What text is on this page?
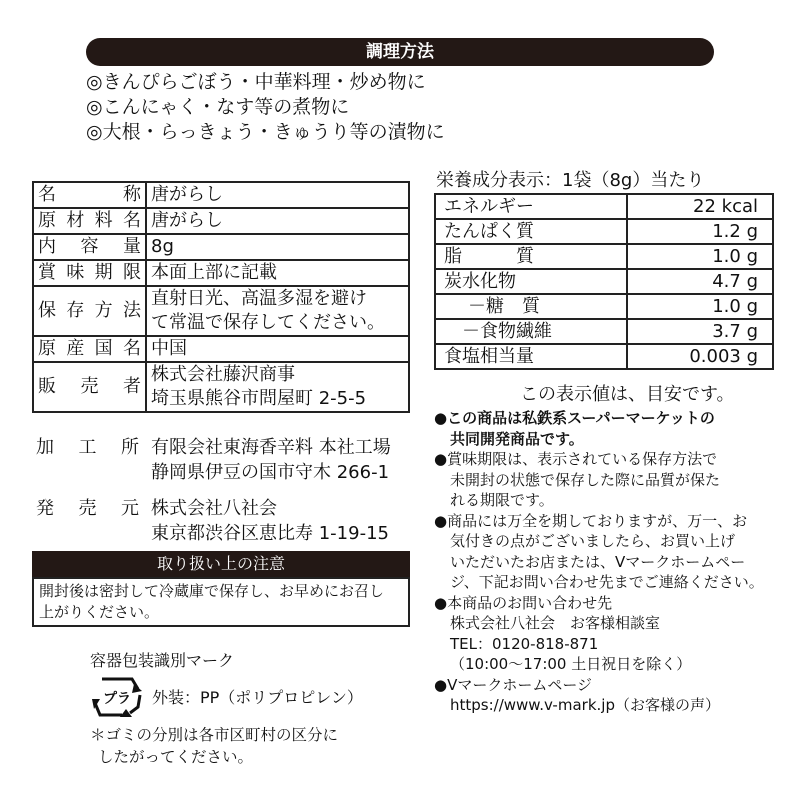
調理方法
◎きんぴらごぼう・中華料理・炒め物に
◎こんにゃく・なす等の煮物に
◎大根・らっきょう・きゅうり等の漬物に
名称	唐がらし
原材料名	唐がらし
内容量	8g
賞味期限	本面上部に記載
保存方法	直射日光、高温多湿を避け
て常温で保存してください。

原産国名	中国
販売者	株式会社藤沢商事
埼玉県熊谷市問屋町 2-5-5
加工所 有限会社東海香辛料 本社工場
静岡県伊豆の国市守木 266-1
発売元 株式会社八社会
東京都渋谷区恵比寿 1-19-15
取り扱い上の注意
開封後は密封して冷蔵庫で保存し、お早めにお召し
上がりください。
容器包装識別マーク
プラ 外装：PP（ポリプロピレン）
＊ゴミの分別は各市区町村の区分に
したがってください。
栄養成分表示：1袋（8g）当たり
エネルギー	22 kcal
たんぱく質	1.2 g
脂　　　質	1.0 g
炭水化物	4.7 g
－糖　質	1.0 g
－食物繊維	3.7 g
食塩相当量	0.003 g
この表示値は、目安です。

●この商品は私鉄系スーパーマーケットの

共同開発商品です。

●賞味期限は、表示されている保存方法で

未開封の状態で保存した際に品質が保た

れる期限です。

●商品には万全を期しておりますが、万一、お

気付きの点がございましたら、お買い上げ

いただいたお店または、Vマークホームペー

ジ、下記お問い合わせ先までご連絡ください。

●本商品のお問い合わせ先

株式会社八社会　お客様相談室

TEL：0120-818-871

（10:00～17:00 土日祝日を除く）

●Vマークホームページ

https://www.v-mark.jp（お客様の声）
